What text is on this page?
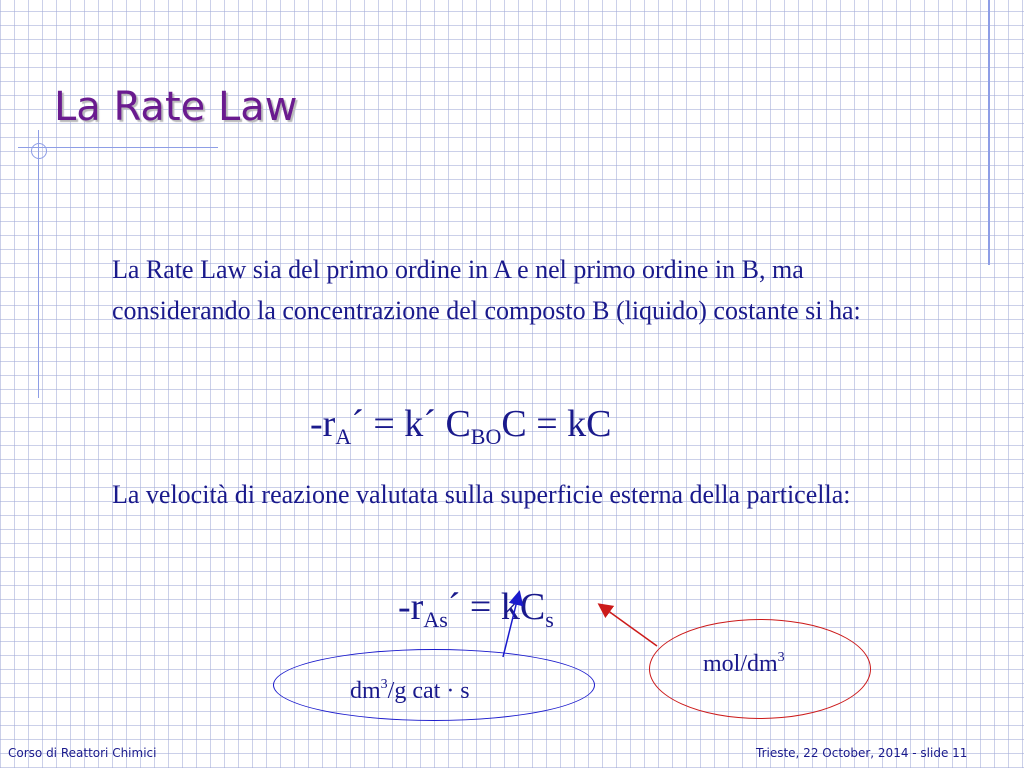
La Rate Law
La Rate Law sia del primo ordine in A e nel primo ordine in B, ma considerando la concentrazione del composto B (liquido) costante si ha:
$-r_A´$ = k´ $C_{BO}C$ = kC
La velocità di reazione valutata sulla superficie esterna della particella:
$-r_{As}´ = kC_s$
$dm^3/g$ cat · s
mol/$dm^3$
Corso di Reattori Chimici	Trieste, 22 October, 2014 - slide 11
